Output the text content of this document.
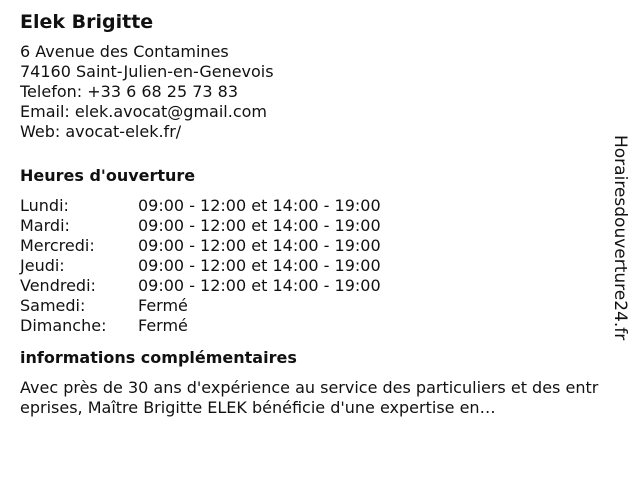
Elek Brigitte
6 Avenue des Contamines
74160 Saint-Julien-en-Genevois
Telefon: +33 6 68 25 73 83
Email: elek.avocat@gmail.com
Web: avocat-elek.fr/
Heures d'ouverture
Lundi:	09:00 - 12:00 et 14:00 - 19:00
Mardi:	09:00 - 12:00 et 14:00 - 19:00
Mercredi:	09:00 - 12:00 et 14:00 - 19:00
Jeudi:	09:00 - 12:00 et 14:00 - 19:00
Vendredi:	09:00 - 12:00 et 14:00 - 19:00
Samedi:	Fermé
Dimanche:	Fermé
informations complémentaires
Avec près de 30 ans d'expérience au service des particuliers et des entreprises, Maître Brigitte ELEK bénéficie d'une expertise en…
Horairesdouverture24.fr
